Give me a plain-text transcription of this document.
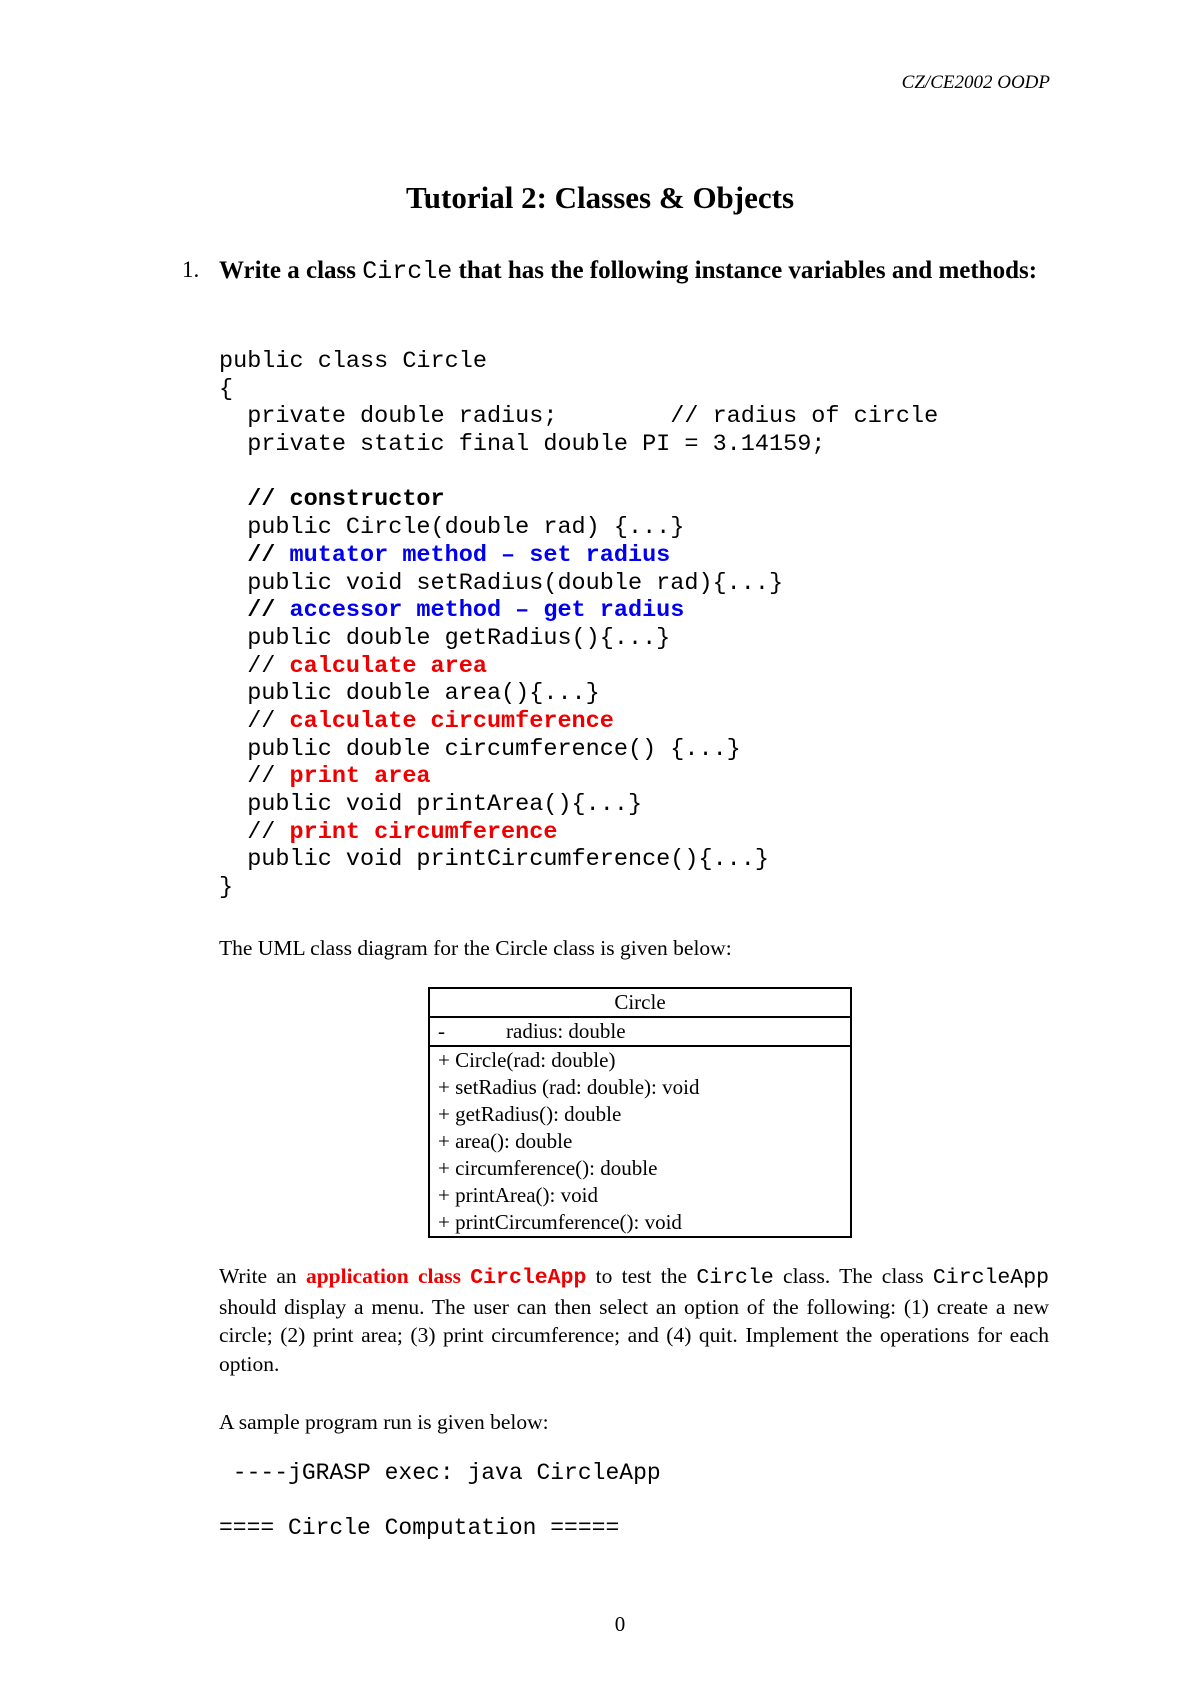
CZ/CE2002 OODP
Tutorial 2: Classes & Objects
1. Write a class Circle that has the following instance variables and methods:
public class Circle
{
private double radius;        // radius of circle
private static final double PI = 3.14159;
// constructor
public Circle(double rad) {...}
// mutator method – set radius
public void setRadius(double rad){...}
// accessor method – get radius
public double getRadius(){...}
// calculate area
public double area(){...}
// calculate circumference
public double circumference() {...}
// print area
public void printArea(){...}
// print circumference
public void printCircumference(){...}
}
The UML class diagram for the Circle class is given below:
Circle
-	radius: double
+ Circle(rad: double)
+ setRadius (rad: double): void
+ getRadius(): double
+ area(): double
+ circumference(): double
+ printArea(): void
+ printCircumference(): void
Write an application class CircleApp to test the Circle class. The class CircleApp should display a menu. The user can then select an option of the following: (1) create a new circle; (2) print area; (3) print circumference; and (4) quit. Implement the operations for each option.
A sample program run is given below:
----jGRASP exec: java CircleApp
==== Circle Computation =====
0
